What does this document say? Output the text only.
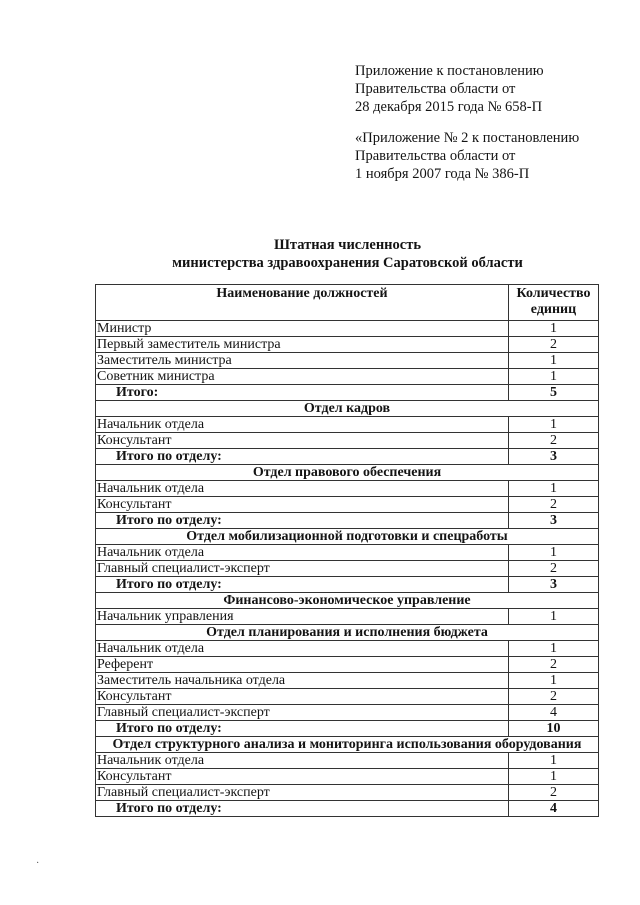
Приложение к постановлению
Правительства области от
28 декабря 2015 года № 658-П
«Приложение № 2 к постановлению
Правительства области от
1 ноября 2007 года № 386-П
Штатная численность
министерства здравоохранения Саратовской области
Наименование должностей	Количество
единиц

Министр	1
Первый заместитель министра	2
Заместитель министра	1
Советник министра	1
Итого:	5
Отдел кадров	
Начальник отдела	1
Консультант	2
Итого по отделу:	3
Отдел правового обеспечения	
Начальник отдела	1
Консультант	2
Итого по отделу:	3
Отдел мобилизационной подготовки и спецработы	
Начальник отдела	1
Главный специалист-эксперт	2
Итого по отделу:	3
Финансово-экономическое управление	
Начальник управления	1
Отдел планирования и исполнения бюджета	
Начальник отдела	1
Референт	2
Заместитель начальника отдела	1
Консультант	2
Главный специалист-эксперт	4
Итого по отделу:	10
Отдел структурного анализа и мониторинга использования оборудования	
Начальник отдела	1
Консультант	1
Главный специалист-эксперт	2
Итого по отделу:	4
·
